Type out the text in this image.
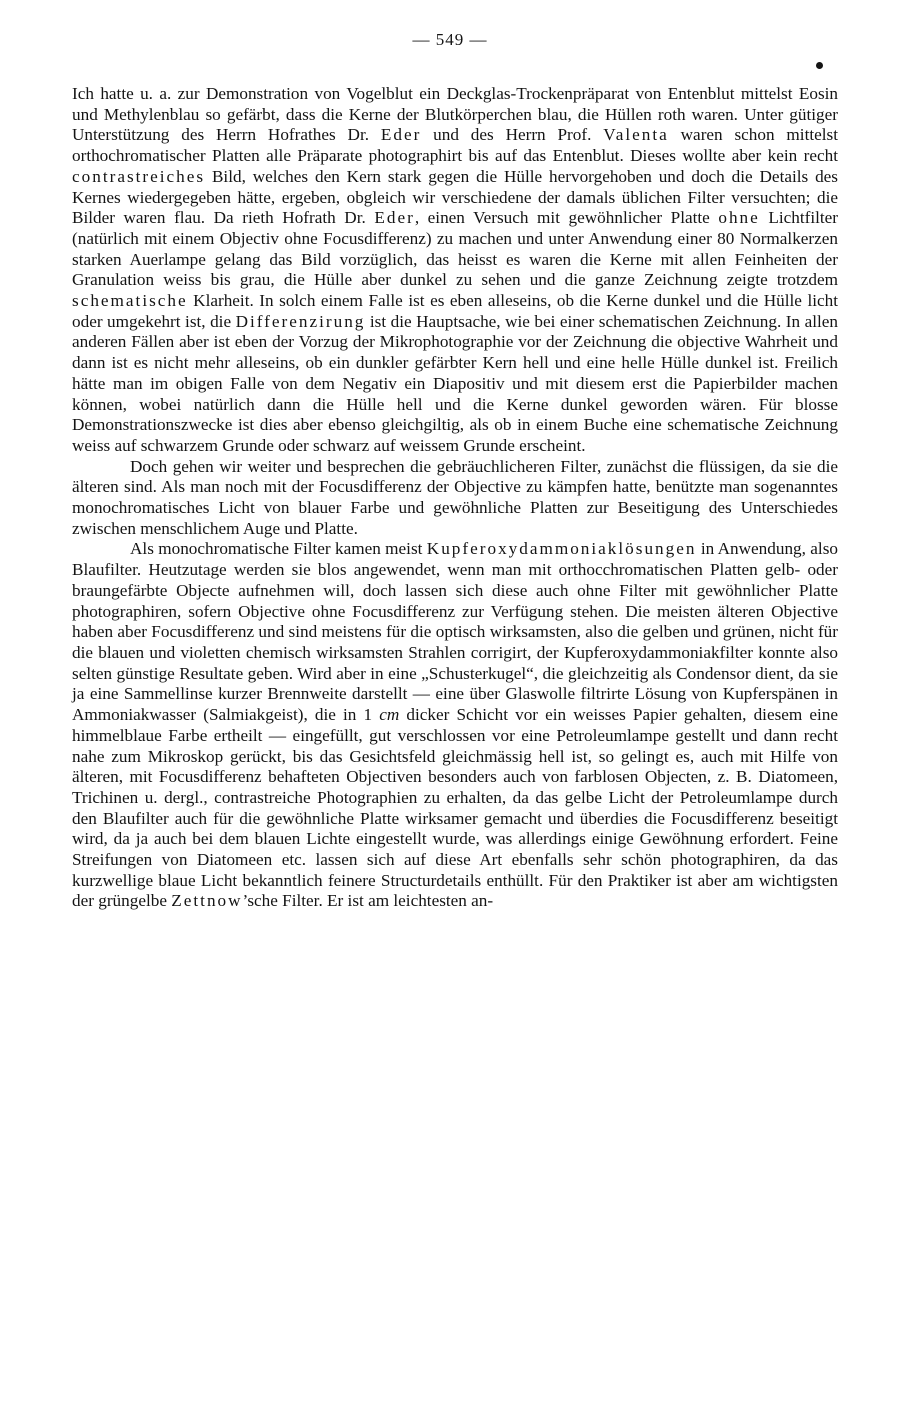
— 549 —

Ich hatte u. a. zur Demonstration von Vogelblut ein Deckglas-Trockenpräparat von Entenblut mittelst Eosin und Methylenblau so gefärbt, dass die Kerne der Blutkörperchen blau, die Hüllen roth waren. Unter gütiger Unterstützung des Herrn Hofrathes Dr. Eder und des Herrn Prof. Valenta waren schon mittelst orthochromatischer Platten alle Präparate photographirt bis auf das Entenblut. Dieses wollte aber kein recht contrastreiches Bild, welches den Kern stark gegen die Hülle hervorgehoben und doch die Details des Kernes wiedergegeben hätte, ergeben, obgleich wir verschiedene der damals üblichen Filter versuchten; die Bilder waren flau. Da rieth Hofrath Dr. Eder, einen Versuch mit gewöhnlicher Platte ohne Lichtfilter (natürlich mit einem Objectiv ohne Focusdifferenz) zu machen und unter Anwendung einer 80 Normalkerzen starken Auerlampe gelang das Bild vorzüglich, das heisst es waren die Kerne mit allen Feinheiten der Granulation weiss bis grau, die Hülle aber dunkel zu sehen und die ganze Zeichnung zeigte trotzdem schematische Klarheit. In solch einem Falle ist es eben alleseins, ob die Kerne dunkel und die Hülle licht oder umgekehrt ist, die Differenzirung ist die Hauptsache, wie bei einer schematischen Zeichnung. In allen anderen Fällen aber ist eben der Vorzug der Mikrophotographie vor der Zeichnung die objective Wahrheit und dann ist es nicht mehr alleseins, ob ein dunkler gefärbter Kern hell und eine helle Hülle dunkel ist. Freilich hätte man im obigen Falle von dem Negativ ein Diapositiv und mit diesem erst die Papierbilder machen können, wobei natürlich dann die Hülle hell und die Kerne dunkel geworden wären. Für blosse Demonstrationszwecke ist dies aber ebenso gleichgiltig, als ob in einem Buche eine schematische Zeichnung weiss auf schwarzem Grunde oder schwarz auf weissem Grunde erscheint.

Doch gehen wir weiter und besprechen die gebräuchlicheren Filter, zunächst die flüssigen, da sie die älteren sind. Als man noch mit der Focusdifferenz der Objective zu kämpfen hatte, benützte man sogenanntes monochromatisches Licht von blauer Farbe und gewöhnliche Platten zur Beseitigung des Unterschiedes zwischen menschlichem Auge und Platte.

Als monochromatische Filter kamen meist Kupferoxydammoniaklösungen in Anwendung, also Blaufilter. Heutzutage werden sie blos angewendet, wenn man mit orthocchromatischen Platten gelb- oder braungefärbte Objecte aufnehmen will, doch lassen sich diese auch ohne Filter mit gewöhnlicher Platte photographiren, sofern Objective ohne Focusdifferenz zur Verfügung stehen. Die meisten älteren Objective haben aber Focusdifferenz und sind meistens für die optisch wirksamsten, also die gelben und grünen, nicht für die blauen und violetten chemisch wirksamsten Strahlen corrigirt, der Kupferoxydammoniakfilter konnte also selten günstige Resultate geben. Wird aber in eine „Schusterkugel“, die gleichzeitig als Condensor dient, da sie ja eine Sammellinse kurzer Brennweite darstellt — eine über Glaswolle filtrirte Lösung von Kupferspänen in Ammoniakwasser (Salmiakgeist), die in 1 cm dicker Schicht vor ein weisses Papier gehalten, diesem eine himmelblaue Farbe ertheilt — eingefüllt, gut verschlossen vor eine Petroleumlampe gestellt und dann recht nahe zum Mikroskop gerückt, bis das Gesichtsfeld gleichmässig hell ist, so gelingt es, auch mit Hilfe von älteren, mit Focusdifferenz behafteten Objectiven besonders auch von farblosen Objecten, z. B. Diatomeen, Trichinen u. dergl., contrastreiche Photographien zu erhalten, da das gelbe Licht der Petroleumlampe durch den Blaufilter auch für die gewöhnliche Platte wirksamer gemacht und überdies die Focusdifferenz beseitigt wird, da ja auch bei dem blauen Lichte eingestellt wurde, was allerdings einige Gewöhnung erfordert. Feine Streifungen von Diatomeen etc. lassen sich auf diese Art ebenfalls sehr schön photographiren, da das kurzwellige blaue Licht bekanntlich feinere Structurdetails enthüllt. Für den Praktiker ist aber am wichtigsten der grüngelbe Zettnow’sche Filter. Er ist am leichtesten an-
